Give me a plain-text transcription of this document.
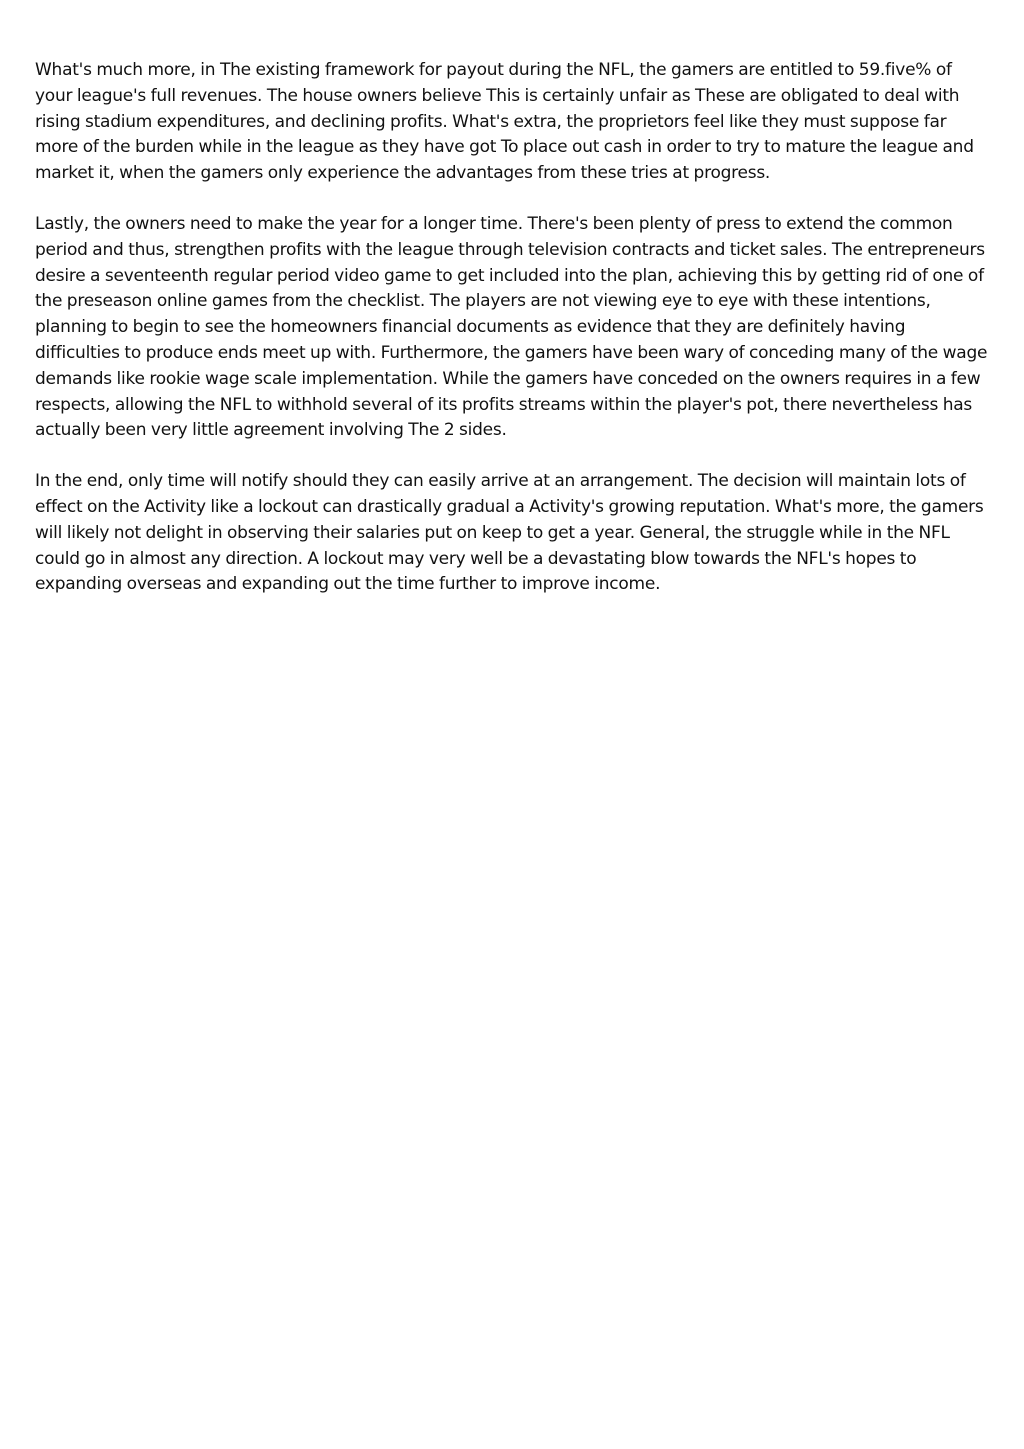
What's much more, in The existing framework for payout during the NFL, the gamers are entitled to 59.five% of your league's full revenues. The house owners believe This is certainly unfair as These are obligated to deal with rising stadium expenditures, and declining profits. What's extra, the proprietors feel like they must suppose far more of the burden while in the league as they have got To place out cash in order to try to mature the league and market it, when the gamers only experience the advantages from these tries at progress.

Lastly, the owners need to make the year for a longer time. There's been plenty of press to extend the common period and thus, strengthen profits with the league through television contracts and ticket sales. The entrepreneurs desire a seventeenth regular period video game to get included into the plan, achieving this by getting rid of one of the preseason online games from the checklist. The players are not viewing eye to eye with these intentions, planning to begin to see the homeowners financial documents as evidence that they are definitely having difficulties to produce ends meet up with. Furthermore, the gamers have been wary of conceding many of the wage demands like rookie wage scale implementation. While the gamers have conceded on the owners requires in a few respects, allowing the NFL to withhold several of its profits streams within the player's pot, there nevertheless has actually been very little agreement involving The 2 sides.

In the end, only time will notify should they can easily arrive at an arrangement. The decision will maintain lots of effect on the Activity like a lockout can drastically gradual a Activity's growing reputation. What's more, the gamers will likely not delight in observing their salaries put on keep to get a year. General, the struggle while in the NFL could go in almost any direction. A lockout may very well be a devastating blow towards the NFL's hopes to expanding overseas and expanding out the time further to improve income.
